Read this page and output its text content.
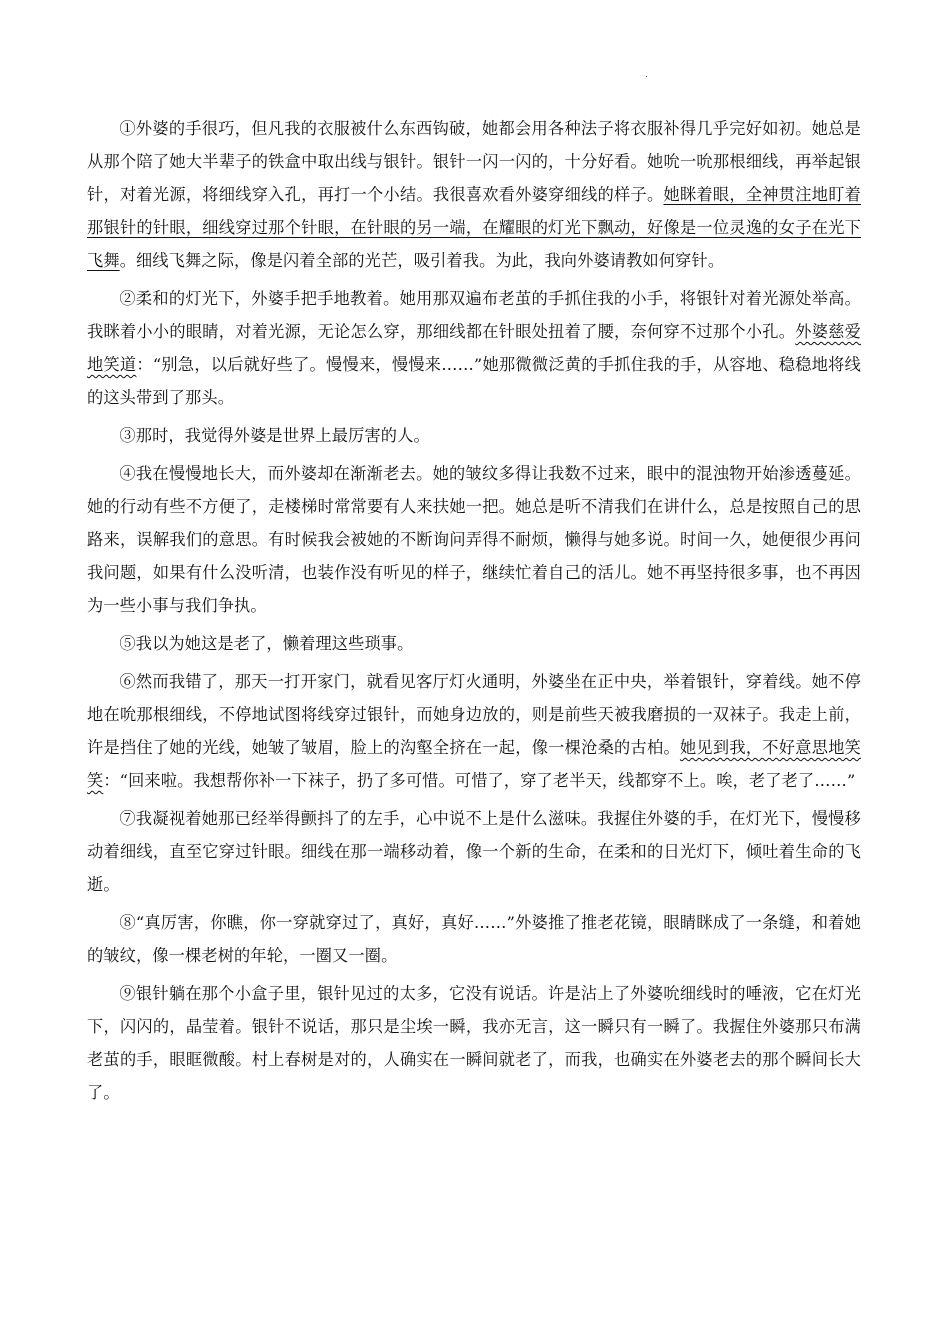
.

①外婆的手很巧，但凡我的衣服被什么东西钩破，她都会用各种法子将衣服补得几乎完好如初。她总是从那个陪了她大半辈子的铁盒中取出线与银针。银针一闪一闪的，十分好看。她吮一吮那根细线，再举起银针，对着光源，将细线穿入孔，再打一个小结。我很喜欢看外婆穿细线的样子。她眯着眼，全神贯注地盯着那银针的针眼，细线穿过那个针眼，在针眼的另一端，在耀眼的灯光下飘动，好像是一位灵逸的女子在光下飞舞。细线飞舞之际，像是闪着全部的光芒，吸引着我。为此，我向外婆请教如何穿针。

②柔和的灯光下，外婆手把手地教着。她用那双遍布老茧的手抓住我的小手，将银针对着光源处举高。我眯着小小的眼睛，对着光源，无论怎么穿，那细线都在针眼处扭着了腰，奈何穿不过那个小孔。外婆慈爱地笑道：“别急，以后就好些了。慢慢来，慢慢来……”她那微微泛黄的手抓住我的手，从容地、稳稳地将线的这头带到了那头。

③那时，我觉得外婆是世界上最厉害的人。

④我在慢慢地长大，而外婆却在渐渐老去。她的皱纹多得让我数不过来，眼中的混浊物开始渗透蔓延。她的行动有些不方便了，走楼梯时常常要有人来扶她一把。她总是听不清我们在讲什么，总是按照自己的思路来，误解我们的意思。有时候我会被她的不断询问弄得不耐烦，懒得与她多说。时间一久，她便很少再问我问题，如果有什么没听清，也装作没有听见的样子，继续忙着自己的活儿。她不再坚持很多事，也不再因为一些小事与我们争执。

⑤我以为她这是老了，懒着理这些琐事。

⑥然而我错了，那天一打开家门，就看见客厅灯火通明，外婆坐在正中央，举着银针，穿着线。她不停地在吮那根细线，不停地试图将线穿过银针，而她身边放的，则是前些天被我磨损的一双袜子。我走上前，许是挡住了她的光线，她皱了皱眉，脸上的沟壑全挤在一起，像一棵沧桑的古柏。她见到我，不好意思地笑笑：“回来啦。我想帮你补一下袜子，扔了多可惜。可惜了，穿了老半天，线都穿不上。唉，老了老了……”

⑦我凝视着她那已经举得颤抖了的左手，心中说不上是什么滋味。我握住外婆的手，在灯光下，慢慢移动着细线，直至它穿过针眼。细线在那一端移动着，像一个新的生命，在柔和的日光灯下，倾吐着生命的飞逝。

⑧“真厉害，你瞧，你一穿就穿过了，真好，真好……”外婆推了推老花镜，眼睛眯成了一条缝，和着她的皱纹，像一棵老树的年轮，一圈又一圈。

⑨银针躺在那个小盒子里，银针见过的太多，它没有说话。许是沾上了外婆吮细线时的唾液，它在灯光下，闪闪的，晶莹着。银针不说话，那只是尘埃一瞬，我亦无言，这一瞬只有一瞬了。我握住外婆那只布满老茧的手，眼眶微酸。村上春树是对的，人确实在一瞬间就老了，而我，也确实在外婆老去的那个瞬间长大了。
